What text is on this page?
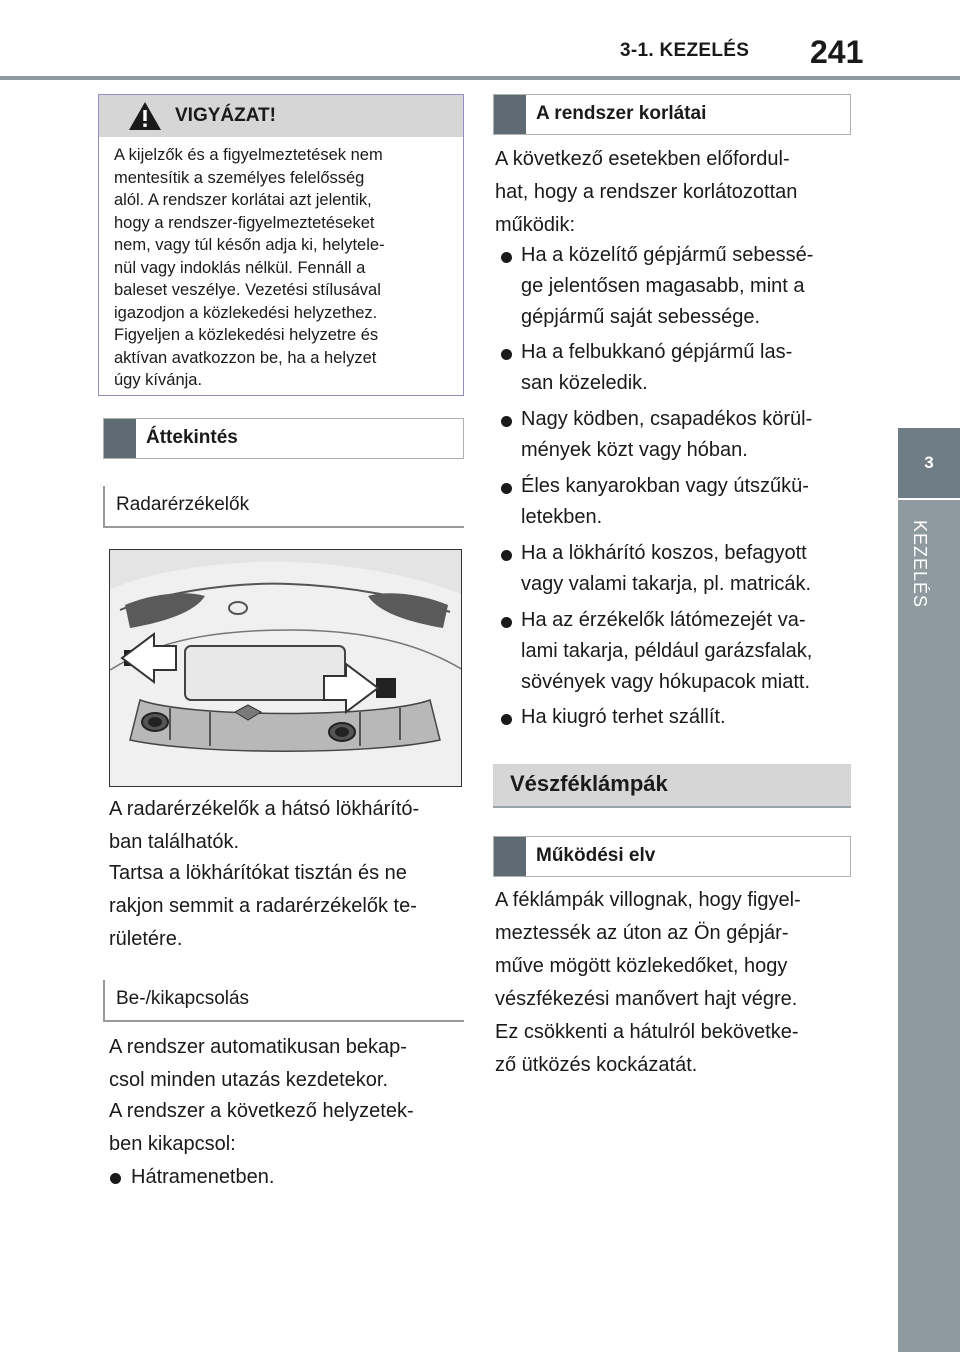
3-1. KEZELÉS 241
3
KEZELÉS
VIGYÁZAT!
A kijelzők és a figyelmeztetések nem
mentesítik a személyes felelősség
alól. A rendszer korlátai azt jelentik,
hogy a rendszer-figyelmeztetéseket
nem, vagy túl későn adja ki, helytele-
nül vagy indoklás nélkül. Fennáll a
baleset veszélye. Vezetési stílusával
igazodjon a közlekedési helyzethez.
Figyeljen a közlekedési helyzetre és
aktívan avatkozzon be, ha a helyzet
úgy kívánja.
Áttekintés
Radarérzékelők
A radarérzékelők a hátsó lökhárító-
ban találhatók.
Tartsa a lökhárítókat tisztán és ne
rakjon semmit a radarérzékelők te-
rületére.
Be-/kikapcsolás
A rendszer automatikusan bekap-
csol minden utazás kezdetekor.
A rendszer a következő helyzetek-
ben kikapcsol:
Hátramenetben.
A rendszer korlátai
A következő esetekben előfordul-
hat, hogy a rendszer korlátozottan
működik:
Ha a közelítő gépjármű sebessé-
ge jelentősen magasabb, mint a
gépjármű saját sebessége.
Ha a felbukkanó gépjármű las-
san közeledik.
Nagy ködben, csapadékos körül-
mények közt vagy hóban.
Éles kanyarokban vagy útszűkü-
letekben.
Ha a lökhárító koszos, befagyott
vagy valami takarja, pl. matricák.
Ha az érzékelők látómezejét va-
lami takarja, például garázsfalak,
sövények vagy hókupacok miatt.
Ha kiugró terhet szállít.
Vészféklámpák
Működési elv
A féklámpák villognak, hogy figyel-
meztessék az úton az Ön gépjár-
műve mögött közlekedőket, hogy
vészfékezési manővert hajt végre.
Ez csökkenti a hátulról bekövetke-
ző ütközés kockázatát.
